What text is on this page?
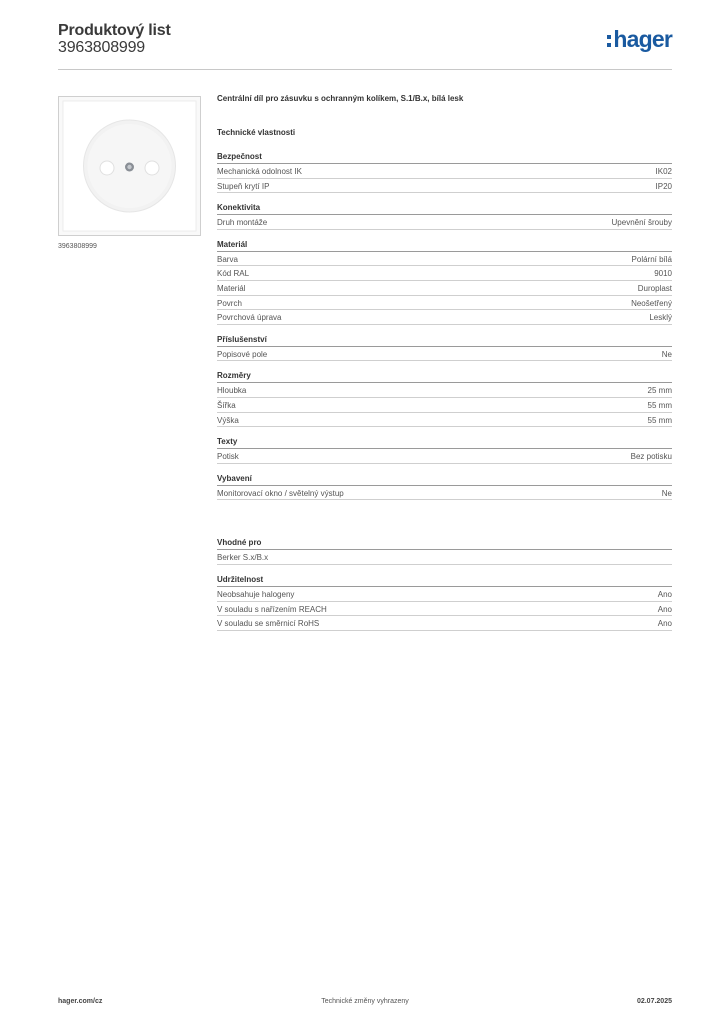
Produktový list
3963808999	hager
3963808999
Centrální díl pro zásuvku s ochranným kolíkem, S.1/B.x, bílá lesk
Technické vlastnosti
Bezpečnost
Mechanická odolnost IK	IK02
Stupeň krytí IP	IP20
Konektivita
Druh montáže	Upevnění šrouby
Materiál
Barva	Polární bílá
Kód RAL	9010
Materiál	Duroplast
Povrch	Neošetřený
Povrchová úprava	Lesklý
Příslušenství
Popisové pole	Ne
Rozměry
Hloubka	25 mm
Šířka	55 mm
Výška	55 mm
Texty
Potisk	Bez potisku
Vybavení
Monitorovací okno / světelný výstup	Ne
Vhodné pro
Berker S.x/B.x
Udržitelnost
Neobsahuje halogeny	Ano
V souladu s nařízením REACH	Ano
V souladu se směrnicí RoHS	Ano
hager.com/cz	Technické změny vyhrazeny	02.07.2025
